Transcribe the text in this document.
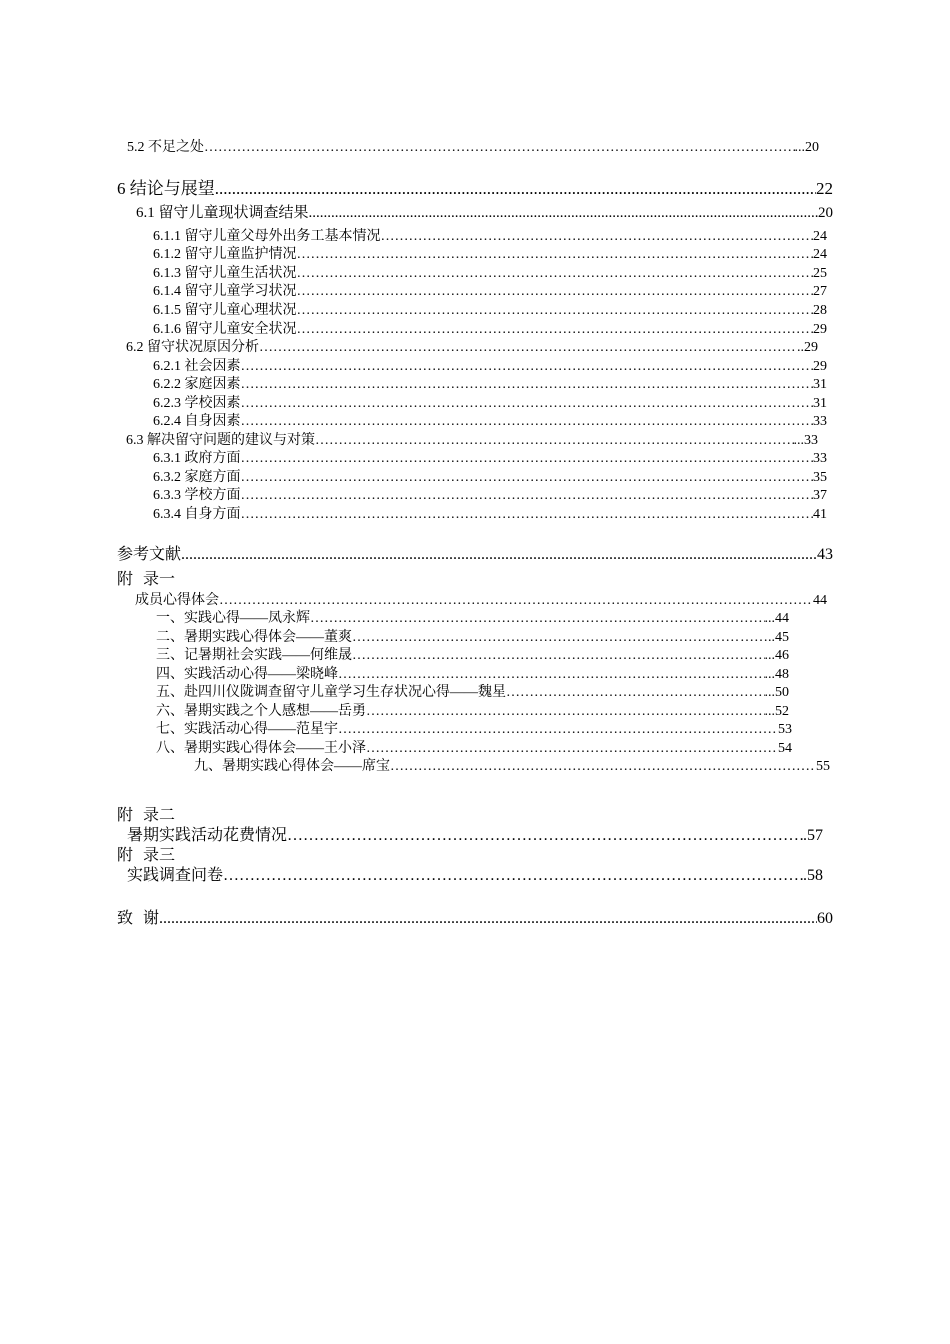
5.2 不足之处 ……………………………………………………………………………………………………………………………………………………………………………………………………………………………………………………………………	...20
6 结论与展望 .....	22
6.1 留守儿童现状调查结果 .....	20
6.1.1 留守儿童父母外出务工基本情况 ……………………………………………………………………………………………………………………………………………………………………………………………………………………………………………………………………	24
6.1.2 留守儿童监护情况 ……………………………………………………………………………………………………………………………………………………………………………………………………………………………………………………………………	24
6.1.3 留守儿童生活状况 ……………………………………………………………………………………………………………………………………………………………………………………………………………………………………………………………………	25
6.1.4 留守儿童学习状况 ……………………………………………………………………………………………………………………………………………………………………………………………………………………………………………………………………	27
6.1.5 留守儿童心理状况 ……………………………………………………………………………………………………………………………………………………………………………………………………………………………………………………………………	28
6.1.6 留守儿童安全状况 ……………………………………………………………………………………………………………………………………………………………………………………………………………………………………………………………………	29
6.2 留守状况原因分析 ……………………………………………………………………………………………………………………………………………………………………………………………………………………………………………………………………	..29
6.2.1 社会因素 ……………………………………………………………………………………………………………………………………………………………………………………………………………………………………………………………………	29
6.2.2 家庭因素 ……………………………………………………………………………………………………………………………………………………………………………………………………………………………………………………………………	31
6.2.3 学校因素 ……………………………………………………………………………………………………………………………………………………………………………………………………………………………………………………………………	31
6.2.4 自身因素 ……………………………………………………………………………………………………………………………………………………………………………………………………………………………………………………………………	33
6.3 解决留守问题的建议与对策 ……………………………………………………………………………………………………………………………………………………………………………………………………………………………………………………………………	...33
6.3.1 政府方面 ……………………………………………………………………………………………………………………………………………………………………………………………………………………………………………………………………	33
6.3.2 家庭方面 ……………………………………………………………………………………………………………………………………………………………………………………………………………………………………………………………………	35
6.3.3 学校方面 ……………………………………………………………………………………………………………………………………………………………………………………………………………………………………………………………………	37
6.3.4 自身方面 ……………………………………………………………………………………………………………………………………………………………………………………………………………………………………………………………………	41
参考文献 .....	43
附 录一
成员心得体会 ……………………………………………………………………………………………………………………………………………………………………………………………………………………………………………………………………	44
一、实践心得——凤永辉 ……………………………………………………………………………………………………………………………………………………………………………………………………………………………………………………………………	...44
二、暑期实践心得体会——董爽 ……………………………………………………………………………………………………………………………………………………………………………………………………………………………………………………………………	……..45
三、记暑期社会实践——何维晟 ……………………………………………………………………………………………………………………………………………………………………………………………………………………………………………………………………	...46
四、实践活动心得——梁晓峰 ……………………………………………………………………………………………………………………………………………………………………………………………………………………………………………………………………	...48
五、赴四川仪陇调查留守儿童学习生存状况心得——魏星 ……………………………………………………………………………………………………………………………………………………………………………………………………………………………………………………………………	...50
六、暑期实践之个人感想——岳勇 ……………………………………………………………………………………………………………………………………………………………………………………………………………………………………………………………………	...52
七、实践活动心得——范星宇 ……………………………………………………………………………………………………………………………………………………………………………………………………………………………………………………………………	53
八、暑期实践心得体会——王小泽 ……………………………………………………………………………………………………………………………………………………………………………………………………………………………………………………………………	54
九、暑期实践心得体会——席宝 ……………………………………………………………………………………………………………………………………………………………………………………………………………………………………………………………………	55
附 录二
暑期实践活动花费情况 ……………………………………………………………………………………………………………………………………………………………………………………………………………………………………………………………………	.57
附 录三
实践调查问卷 ……………………………………………………………………………………………………………………………………………………………………………………………………………………………………………………………………	.58
致 谢 .....	60
